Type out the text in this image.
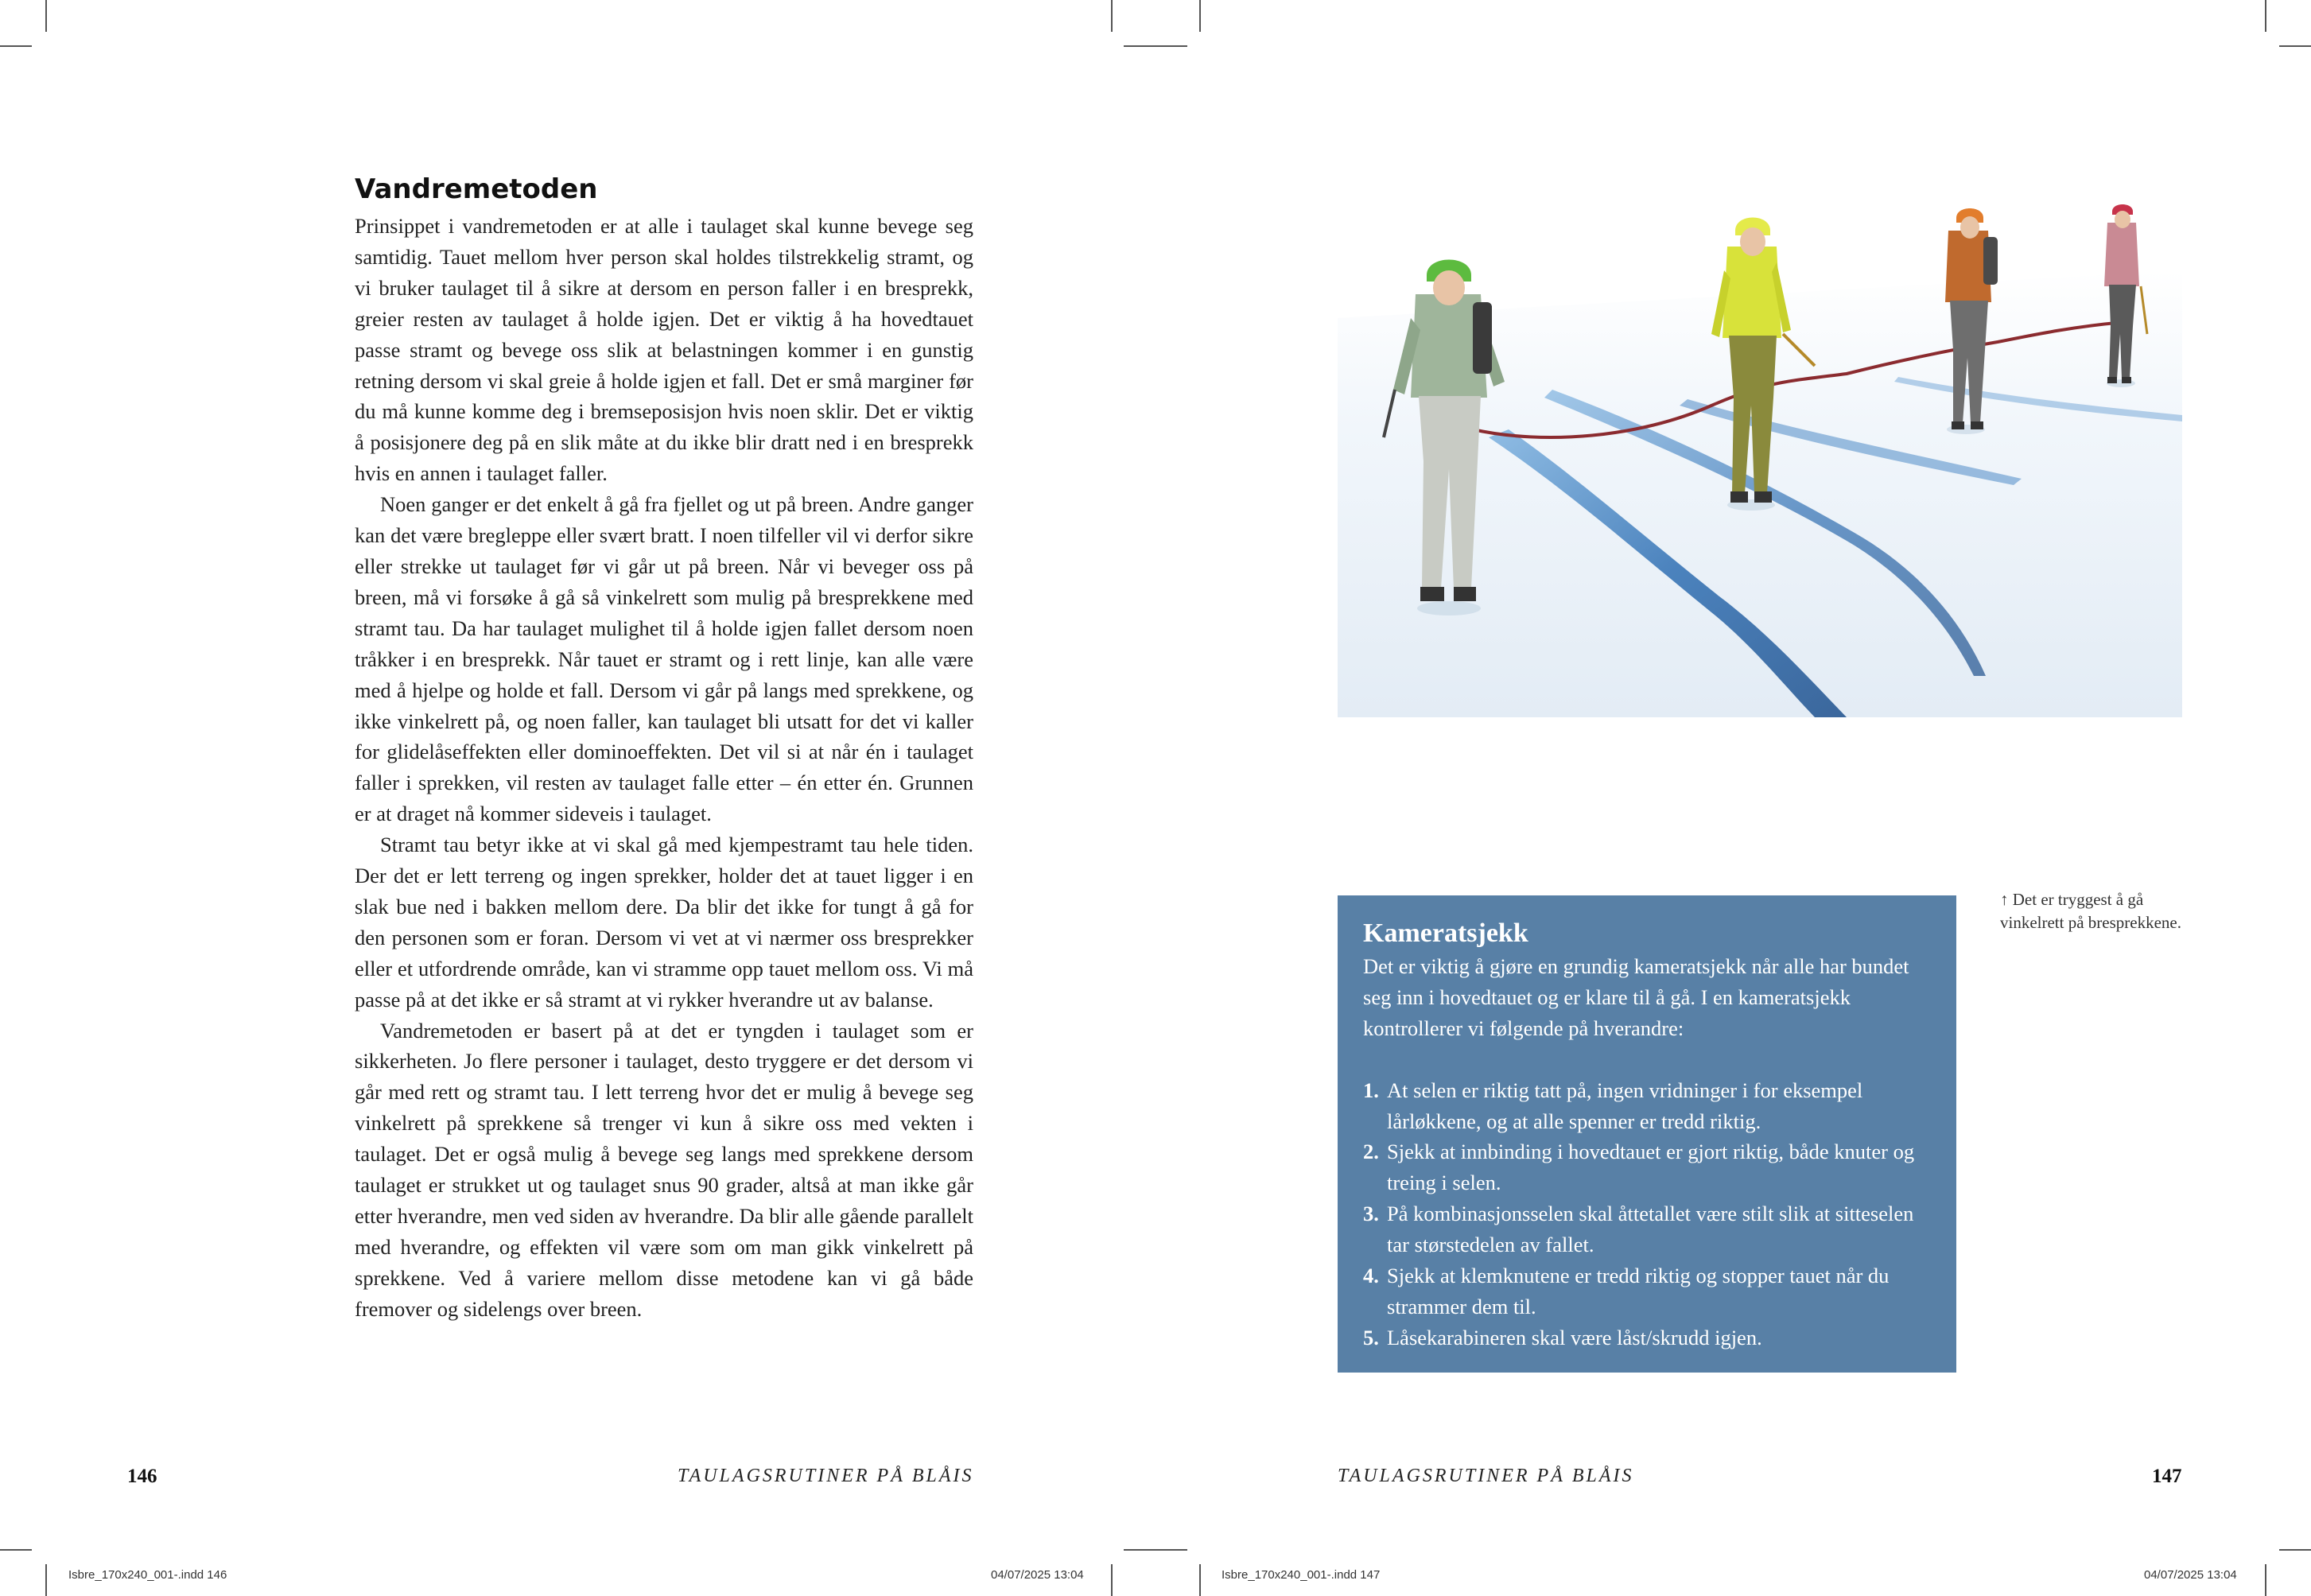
Vandremetoden

Prinsippet i vandremetoden er at alle i taulaget skal kunne bevege seg samtidig. Tauet mellom hver person skal holdes tilstrekkelig stramt, og vi bruker taulaget til å sikre at dersom en person faller i en bresprekk, greier resten av taulaget å holde igjen. Det er viktig å ha hovedtauet passe stramt og bevege oss slik at belastningen kommer i en gunstig retning dersom vi skal greie å holde igjen et fall. Det er små marginer før du må kunne komme deg i bremseposisjon hvis noen sklir. Det er viktig å posisjonere deg på en slik måte at du ikke blir dratt ned i en bresprekk hvis en annen i taulaget faller.

Noen ganger er det enkelt å gå fra fjellet og ut på breen. Andre ganger kan det være bregleppe eller svært bratt. I noen tilfeller vil vi derfor sikre eller strekke ut taulaget før vi går ut på breen. Når vi beveger oss på breen, må vi forsøke å gå så vinkelrett som mulig på bresprekkene med stramt tau. Da har taulaget mulighet til å holde igjen fallet dersom noen tråkker i en bresprekk. Når tauet er stramt og i rett linje, kan alle være med å hjelpe og holde et fall. Dersom vi går på langs med sprekkene, og ikke vinkelrett på, og noen faller, kan taulaget bli utsatt for det vi kaller for glidelåseffekten eller dominoeffekten. Det vil si at når én i taulaget faller i sprekken, vil resten av taulaget falle etter – én etter én. Grunnen er at draget nå kommer sideveis i taulaget.

Stramt tau betyr ikke at vi skal gå med kjempestramt tau hele tiden. Der det er lett terreng og ingen sprekker, holder det at tauet ligger i en slak bue ned i bakken mellom dere. Da blir det ikke for tungt å gå for den personen som er foran. Dersom vi vet at vi nærmer oss bresprekker eller et utfordrende område, kan vi stramme opp tauet mellom oss. Vi må passe på at det ikke er så stramt at vi rykker hverandre ut av balanse.

Vandremetoden er basert på at det er tyngden i taulaget som er sikkerheten. Jo flere personer i taulaget, desto tryggere er det dersom vi går med rett og stramt tau. I lett terreng hvor det er mulig å bevege seg vinkelrett på sprekkene så trenger vi kun å sikre oss med vekten i taulaget. Det er også mulig å bevege seg langs med sprekkene dersom taulaget er strukket ut og taulaget snus 90 grader, altså at man ikke går etter hverandre, men ved siden av hverandre. Da blir alle gående parallelt med hverandre, og effekten vil være som om man gikk vinkelrett på sprekkene. Ved å variere mellom disse metodene kan vi gå både fremover og sidelengs over breen.

146	TAULAGSRUTINER PÅ BLÅIS
Isbre_170x240_001-.indd 146	04/07/2025 13:04
Kameratsjekk

Det er viktig å gjøre en grundig kameratsjekk når alle har bundet seg inn i hovedtauet og er klare til å gå. I en kameratsjekk kontrollerer vi følgende på hverandre:

1. At selen er riktig tatt på, ingen vridninger i for eksempel lårløkkene, og at alle spenner er tredd riktig.
2. Sjekk at innbinding i hovedtauet er gjort riktig, både knuter og treing i selen.
3. På kombinasjonsselen skal åttetallet være stilt slik at sitteselen tar størstedelen av fallet.
4. Sjekk at klemknutene er tredd riktig og stopper tauet når du strammer dem til.
5. Låsekarabineren skal være låst/skrudd igjen.
↑ Det er tryggest å gå vinkelrett på bresprekkene.
TAULAGSRUTINER PÅ BLÅIS	147
Isbre_170x240_001-.indd 147	04/07/2025 13:04
